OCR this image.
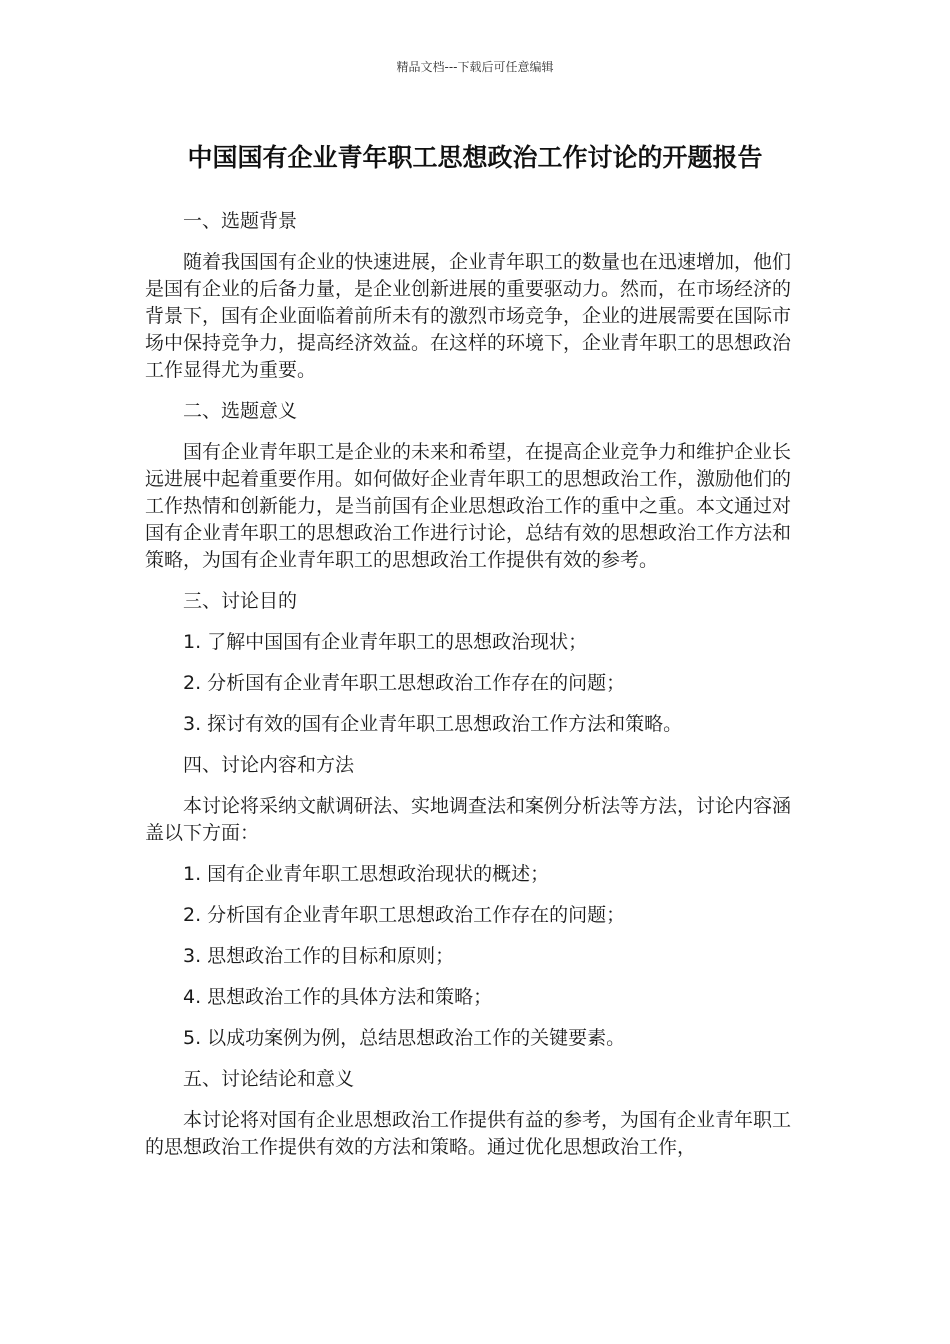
精品文档---下载后可任意编辑
中国国有企业青年职工思想政治工作讨论的开题报告

一、选题背景

随着我国国有企业的快速进展，企业青年职工的数量也在迅速增加，他们是国有企业的后备力量，是企业创新进展的重要驱动力。然而，在市场经济的背景下，国有企业面临着前所未有的激烈市场竞争，企业的进展需要在国际市场中保持竞争力，提高经济效益。在这样的环境下，企业青年职工的思想政治工作显得尤为重要。

二、选题意义

国有企业青年职工是企业的未来和希望，在提高企业竞争力和维护企业长远进展中起着重要作用。如何做好企业青年职工的思想政治工作，激励他们的工作热情和创新能力，是当前国有企业思想政治工作的重中之重。本文通过对国有企业青年职工的思想政治工作进行讨论，总结有效的思想政治工作方法和策略，为国有企业青年职工的思想政治工作提供有效的参考。

三、讨论目的

1. 了解中国国有企业青年职工的思想政治现状；

2. 分析国有企业青年职工思想政治工作存在的问题；

3. 探讨有效的国有企业青年职工思想政治工作方法和策略。

四、讨论内容和方法

本讨论将采纳文献调研法、实地调查法和案例分析法等方法，讨论内容涵盖以下方面：

1. 国有企业青年职工思想政治现状的概述；

2. 分析国有企业青年职工思想政治工作存在的问题；

3. 思想政治工作的目标和原则；

4. 思想政治工作的具体方法和策略；

5. 以成功案例为例，总结思想政治工作的关键要素。

五、讨论结论和意义

本讨论将对国有企业思想政治工作提供有益的参考，为国有企业青年职工的思想政治工作提供有效的方法和策略。通过优化思想政治工作，
